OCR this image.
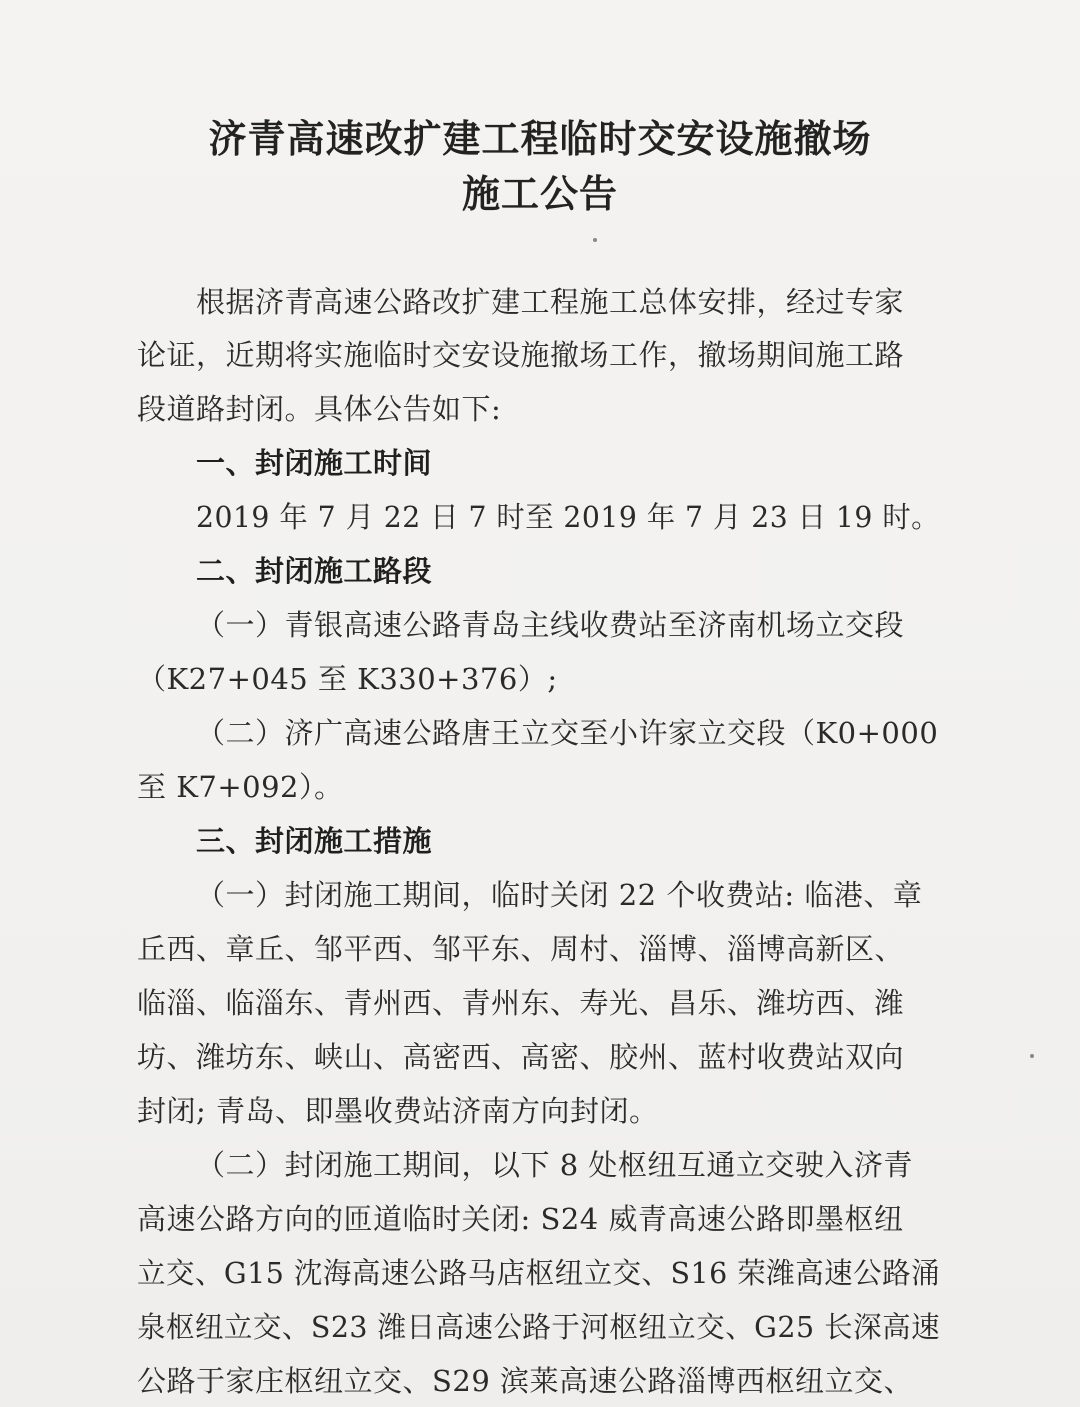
济青高速改扩建工程临时交安设施撤场
施工公告
根据济青高速公路改扩建工程施工总体安排，经过专家
论证，近期将实施临时交安设施撤场工作，撤场期间施工路
段道路封闭。具体公告如下:
一、封闭施工时间
2019 年 7 月 22 日 7 时至 2019 年 7 月 23 日 19 时。
二、封闭施工路段
（一）青银高速公路青岛主线收费站至济南机场立交段
（K27+045 至 K330+376）;
（二）济广高速公路唐王立交至小许家立交段（K0+000
至 K7+092）。
三、封闭施工措施
（一）封闭施工期间，临时关闭 22 个收费站: 临港、章
丘西、章丘、邹平西、邹平东、周村、淄博、淄博高新区、
临淄、临淄东、青州西、青州东、寿光、昌乐、潍坊西、潍
坊、潍坊东、峡山、高密西、高密、胶州、蓝村收费站双向
封闭; 青岛、即墨收费站济南方向封闭。
（二）封闭施工期间，以下 8 处枢纽互通立交驶入济青
高速公路方向的匝道临时关闭: S24 威青高速公路即墨枢纽
立交、G15 沈海高速公路马店枢纽立交、S16 荣潍高速公路涌
泉枢纽立交、S23 潍日高速公路于河枢纽立交、G25 长深高速
公路于家庄枢纽立交、S29 滨莱高速公路淄博西枢纽立交、
